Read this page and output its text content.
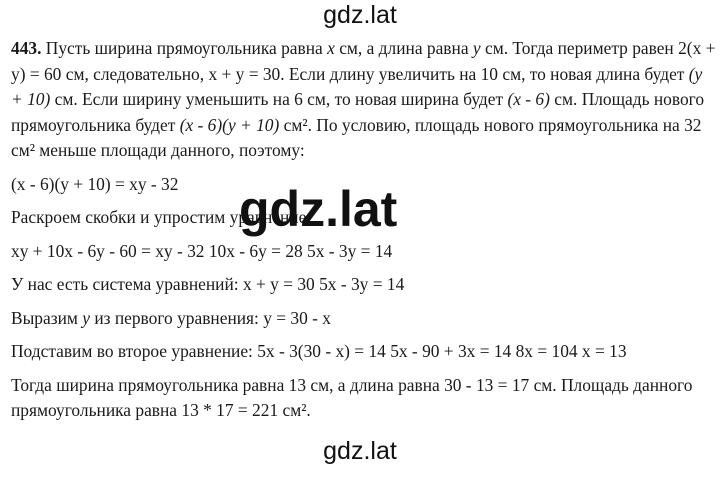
gdz.lat
gdz.lat

443. Пусть ширина прямоугольника равна x см, а длина равна y см. Тогда периметр равен 2(x + y) = 60 см, следовательно, x + y = 30. Если длину увеличить на 10 см, то новая длина будет (y + 10) см. Если ширину уменьшить на 6 см, то новая ширина будет (x - 6) см. Площадь нового прямоугольника будет (x - 6)(y + 10) см². По условию, площадь нового прямоугольника на 32 см² меньше площади данного, поэтому:

(x - 6)(y + 10) = xy - 32

Раскроем скобки и упростим уравнение:

xy + 10x - 6y - 60 = xy - 32 10x - 6y = 28 5x - 3y = 14

У нас есть система уравнений: x + y = 30 5x - 3y = 14

Выразим y из первого уравнения: y = 30 - x

Подставим во второе уравнение: 5x - 3(30 - x) = 14 5x - 90 + 3x = 14 8x = 104 x = 13

Тогда ширина прямоугольника равна 13 см, а длина равна 30 - 13 = 17 см. Площадь данного прямоугольника равна 13 * 17 = 221 см².

gdz.lat
